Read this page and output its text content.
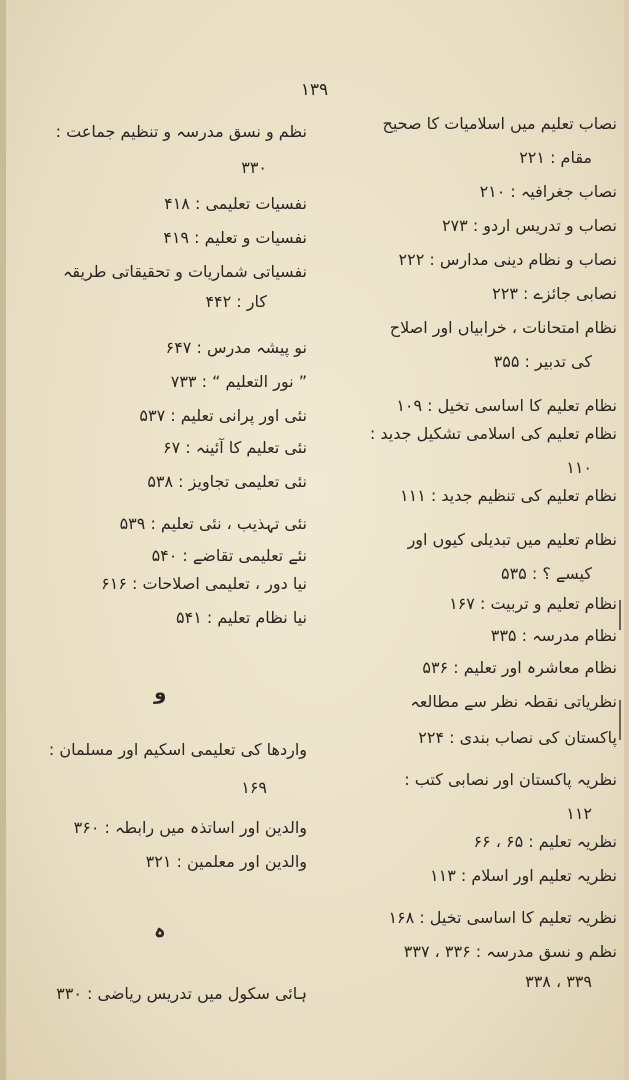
۱۳۹
نصاب تعلیم میں اسلامیات کا صحیح
مقام : ۲۲۱
نصاب جغرافیہ : ۲۱۰
نصاب و تدریس اردو : ۲۷۳
نصاب و نظام دینی مدارس : ۲۲۲
نصابی جائزے : ۲۲۳
نظام امتحانات ، خرابیاں اور اصلاح
کی تدبیر : ۳۵۵
نظام تعلیم کا اساسی تخیل : ۱۰۹
نظام تعلیم کی اسلامی تشکیل جدید :
۱۱۰
نظام تعلیم کی تنظیم جدید : ۱۱۱
نظام تعلیم میں تبدیلی کیوں اور
کیسے ؟ : ۵۳۵
نظام تعلیم و تربیت : ۱۶۷
نظام مدرسہ : ۳۳۵
نظام معاشرہ اور تعلیم : ۵۳۶
نظریاتی نقطہ نظر سے مطالعہ
پاکستان کی نصاب بندی : ۲۲۴
نظریہ پاکستان اور نصابی کتب :
۱۱۲
نظریہ تعلیم : ۶۵ ، ۶۶
نظریہ تعلیم اور اسلام : ۱۱۳
نظریہ تعلیم کا اساسی تخیل : ۱۶۸
نظم و نسق مدرسہ : ۳۳۶ ، ۳۳۷
۳۳۸ ، ۳۳۹
نظم و نسق مدرسہ و تنظیم جماعت :
۳۳۰
نفسیات تعلیمی : ۴۱۸
نفسیات و تعلیم : ۴۱۹
نفسیاتی شماریات و تحقیقاتی طریقہ
کار : ۴۴۲
نو پیشہ مدرس : ۶۴۷
” نور التعلیم “ : ۷۳۳
نئی اور پرانی تعلیم : ۵۳۷
نئی تعلیم کا آئینہ : ۶۷
نئی تعلیمی تجاویز : ۵۳۸
نئی تہذیب ، نئی تعلیم : ۵۳۹
نئے تعلیمی تقاضے : ۵۴۰
نیا دور ، تعلیمی اصلاحات : ۶۱۶
نیا نظام تعلیم : ۵۴۱
واردھا کی تعلیمی اسکیم اور مسلمان :
۱۶۹
والدین اور اساتذہ میں رابطہ : ۳۶۰
والدین اور معلمین : ۳۲۱
ہائی سکول میں تدریس ریاضی : ۳۳۰
و
ہ
